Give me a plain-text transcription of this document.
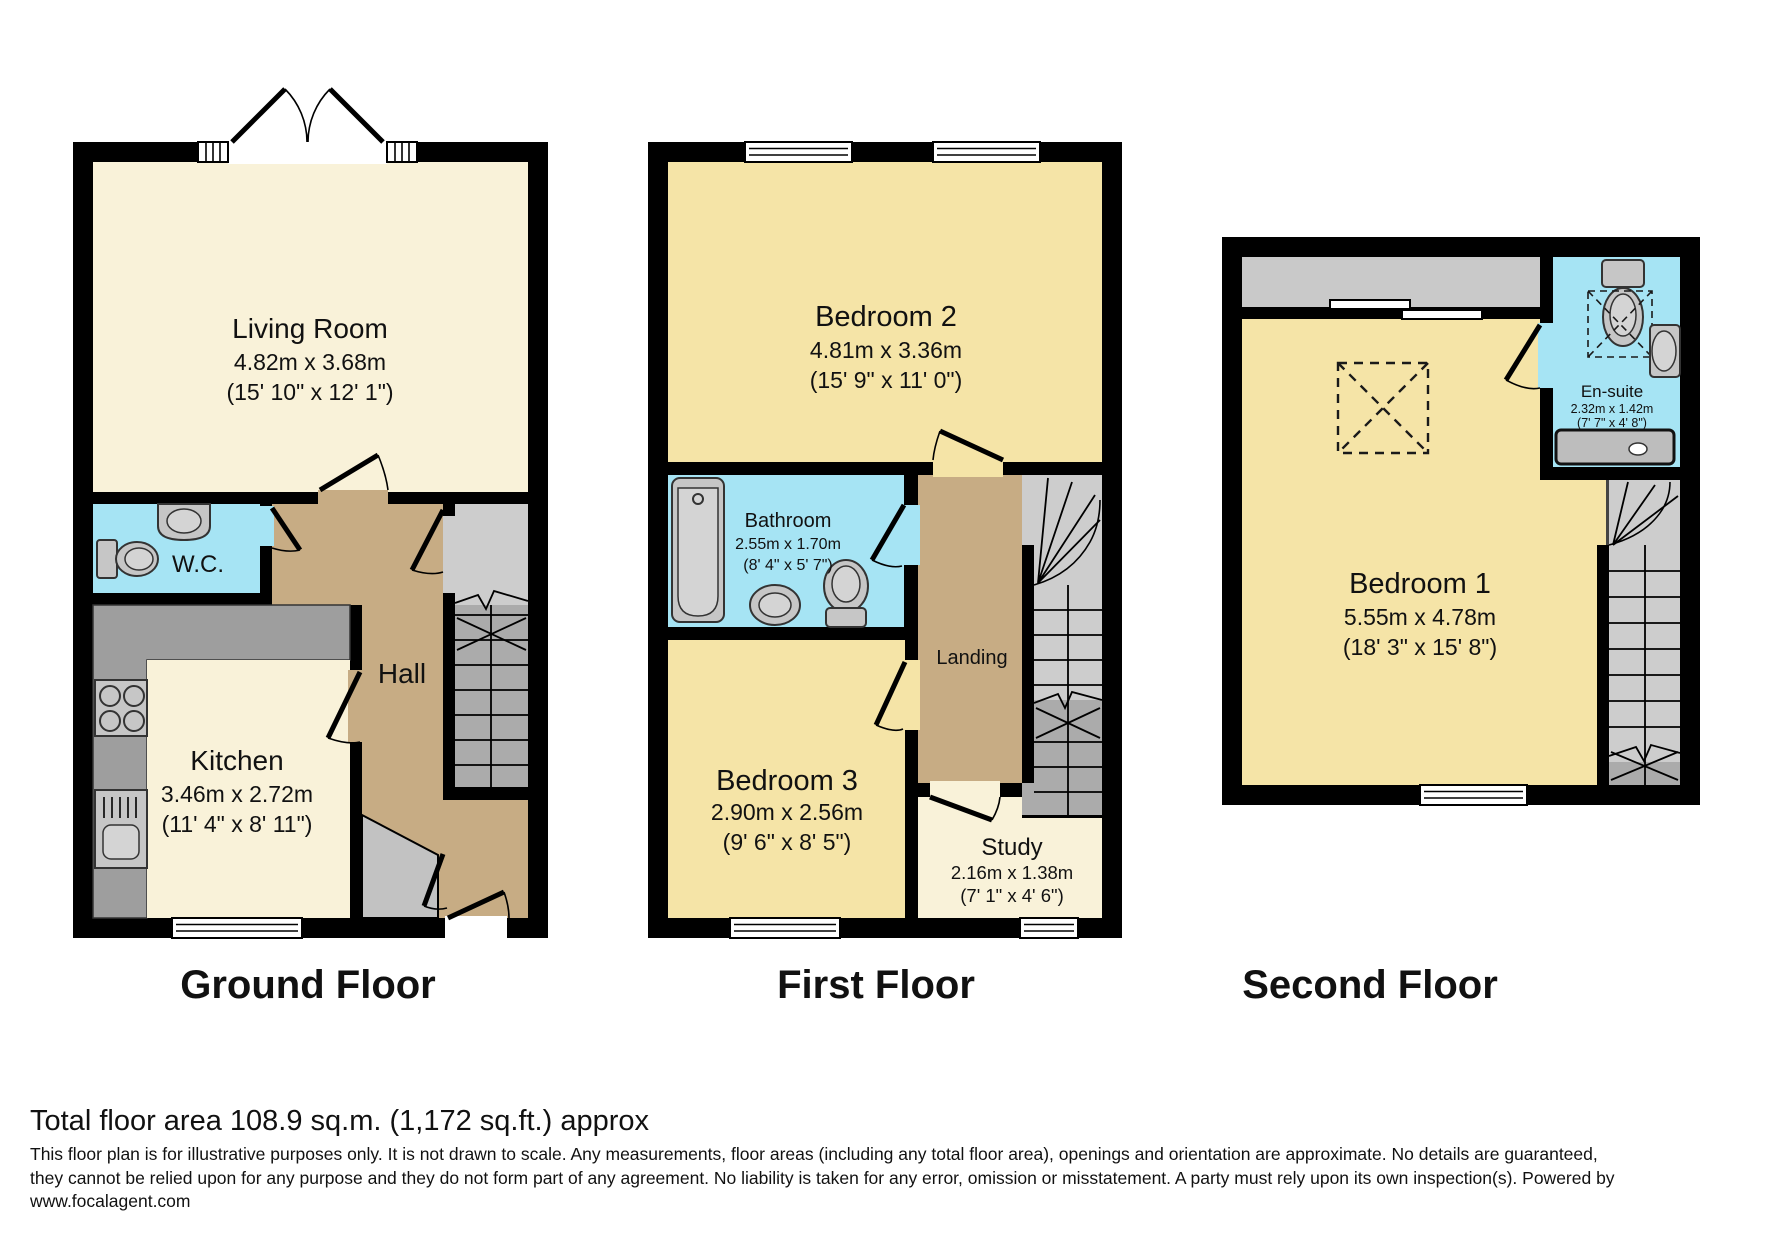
Living Room
4.82m x 3.68m
(15' 10" x 12' 1")
W.C.
Hall
Kitchen
3.46m x 2.72m
(11' 4" x 8' 11")
Bedroom 2
4.81m x 3.36m
(15' 9" x 11' 0")
Bathroom
2.55m x 1.70m
(8' 4" x 5' 7")
Landing
Bedroom 3
2.90m x 2.56m
(9' 6" x 8' 5")	Study
2.16m x 1.38m
(7' 1" x 4' 6")
Bedroom 1
5.55m x 4.78m
(18' 3" x 15' 8")
En-suite
2.32m x 1.42m
(7' 7" x 4' 8")
Ground Floor	First Floor	Second Floor
Total floor area 108.9 sq.m. (1,172 sq.ft.) approx
This floor plan is for illustrative purposes only. It is not drawn to scale. Any measurements, floor areas (including any total floor area), openings and orientation are approximate. No details are guaranteed,
they cannot be relied upon for any purpose and they do not form part of any agreement. No liability is taken for any error, omission or misstatement. A party must rely upon its own inspection(s). Powered by
www.focalagent.com
